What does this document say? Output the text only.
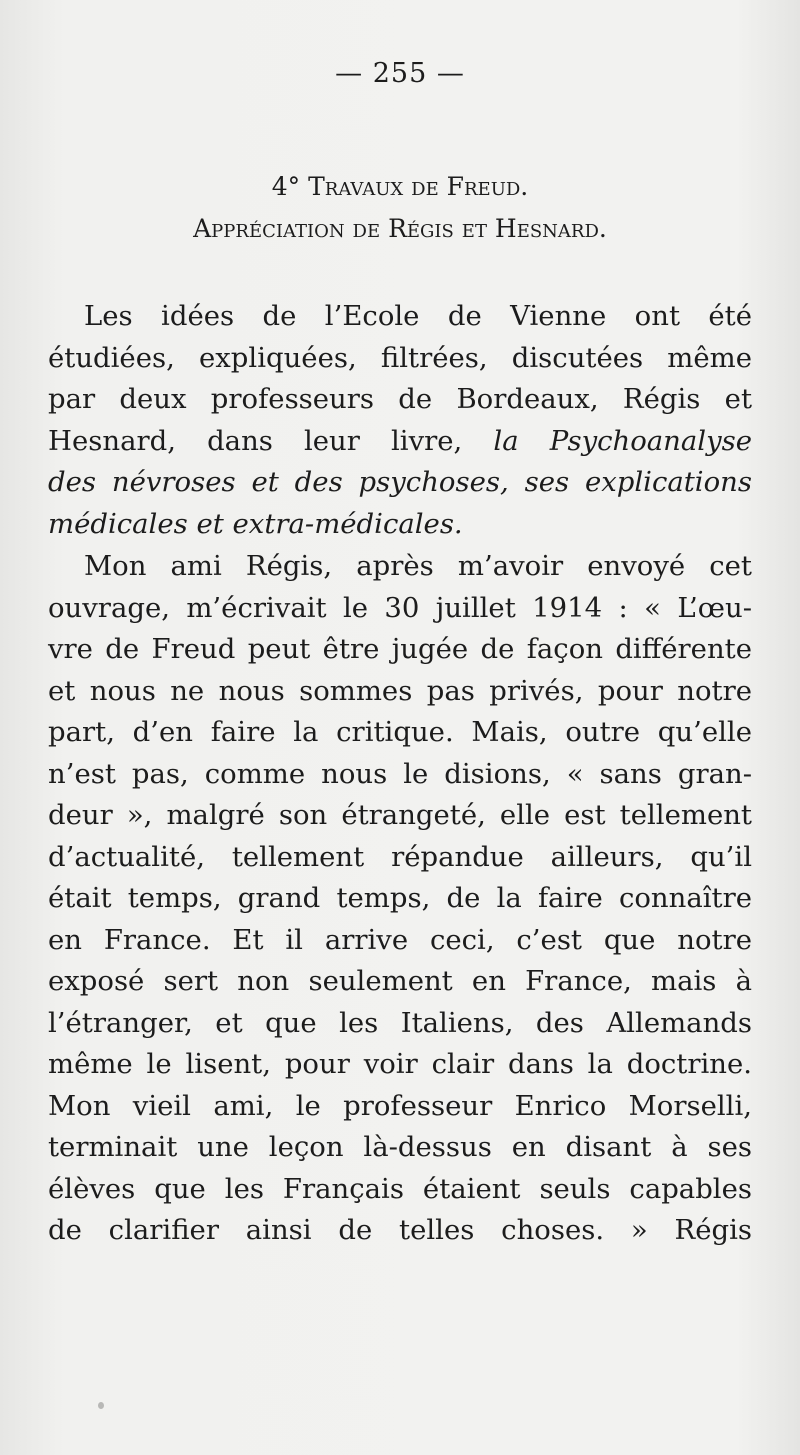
— 255 —
4° Travaux de Freud.
Appréciation de Régis et Hesnard.
Les idées de l’Ecole de Vienne ont été
étudiées, expliquées, filtrées, discutées même
par deux professeurs de Bordeaux, Régis et
Hesnard, dans leur livre, la Psychoanalyse
des névroses et des psychoses, ses explications
médicales et extra-médicales.
Mon ami Régis, après m’avoir envoyé cet
ouvrage, m’écrivait le 30 juillet 1914 : « L’œu-
vre de Freud peut être jugée de façon différente
et nous ne nous sommes pas privés, pour notre
part, d’en faire la critique. Mais, outre qu’elle
n’est pas, comme nous le disions, « sans gran-
deur », malgré son étrangeté, elle est tellement
d’actualité, tellement répandue ailleurs, qu’il
était temps, grand temps, de la faire connaître
en France. Et il arrive ceci, c’est que notre
exposé sert non seulement en France, mais à
l’étranger, et que les Italiens, des Allemands
même le lisent, pour voir clair dans la doctrine.
Mon vieil ami, le professeur Enrico Morselli,
terminait une leçon là-dessus en disant à ses
élèves que les Français étaient seuls capables
de clarifier ainsi de telles choses. » Régis
